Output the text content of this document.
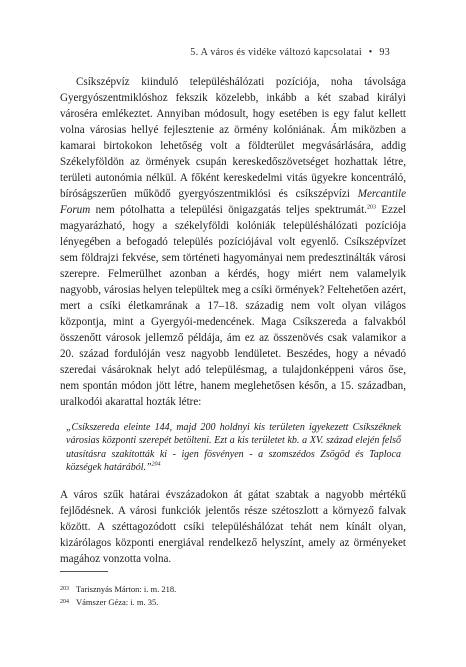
5. A város és vidéke változó kapcsolatai • 93

Csíkszépvíz kiinduló településhálózati pozíciója, noha távolsága Gyergyószentmiklóshoz fekszik közelebb, inkább a két szabad királyi városéra emlékeztet. Annyiban módosult, hogy esetében is egy falut kellett volna városias hellyé fejlesztenie az örmény kolóniának. Ám miközben a kamarai birtokokon lehetőség volt a földterület megvásárlására, addig Székelyföldön az örmények csupán kereskedőszövetséget hozhattak létre, területi autonómia nélkül. A főként kereskedelmi vitás ügyekre koncentráló, bíróságszerűen működő gyergyószentmiklósi és csíkszépvízi Mercantile Forum nem pótolhatta a települési önigazgatás teljes spektrumát.$^{203}$ Ezzel magyarázható, hogy a székelyföldi kolóniák településhálózati pozíciója lényegében a befogadó település pozíciójával volt egyenlő. Csíkszépvízet sem földrajzi fekvése, sem történeti hagyományai nem predesztinálták városi szerepre. Felmerülhet azonban a kérdés, hogy miért nem valamelyik nagyobb, városias helyen települtek meg a csíki örmények? Feltehetően azért, mert a csíki életkamrának a 17–18. századig nem volt olyan világos központja, mint a Gyergyói-medencének. Maga Csíkszereda a falvakból összenőtt városok jellemző példája, ám ez az összenövés csak valamikor a 20. század fordulóján vesz nagyobb lendületet. Beszédes, hogy a névadó szeredai vásároknak helyt adó településmag, a tulajdonképpeni város őse, nem spontán módon jött létre, hanem meglehetősen későn, a 15. században, uralkodói akarattal hozták létre:

„Csíkszereda eleinte 144, majd 200 holdnyi kis területen igyekezett Csíkszéknek városias központi szerepét betölteni. Ezt a kis területet kb. a XV. század elején felső utasításra szakították ki - igen fösvényen - a szomszédos Zsögöd és Taploca községek határából.”$^{204}$

A város szűk határai évszázadokon át gátat szabtak a nagyobb mértékű fejlődésnek. A városi funkciók jelentős része szétoszlott a környező falvak között. A széttagozódott csíki településhálózat tehát nem kínált olyan, kizárólagos központi energiával rendelkező helyszínt, amely az örményeket magához vonzotta volna.

203 Tarisznyás Márton: i. m. 218.
204 Vámszer Géza: i. m. 35.
